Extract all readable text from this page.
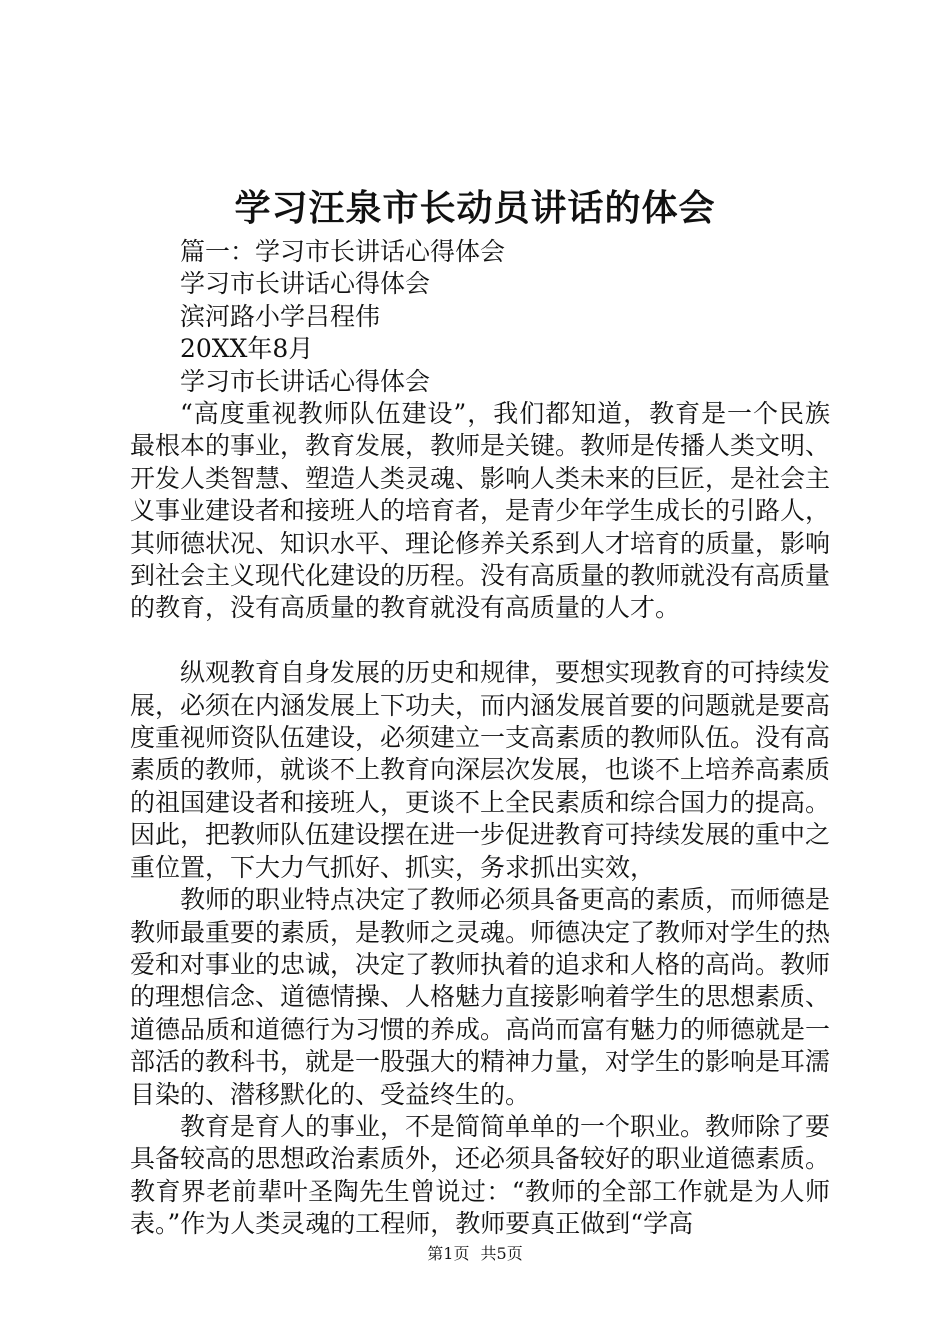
学习汪泉市长动员讲话的体会

篇一：学习市长讲话心得体会

学习市长讲话心得体会

滨河路小学吕程伟

20XX年8月

学习市长讲话心得体会

“高度重视教师队伍建设”，我们都知道，教育是一个民族最根本的事业，教育发展，教师是关键。教师是传播人类文明、开发人类智慧、塑造人类灵魂、影响人类未来的巨匠，是社会主义事业建设者和接班人的培育者，是青少年学生成长的引路人，其师德状况、知识水平、理论修养关系到人才培育的质量，影响到社会主义现代化建设的历程。没有高质量的教师就没有高质量的教育，没有高质量的教育就没有高质量的人才。

纵观教育自身发展的历史和规律，要想实现教育的可持续发展，必须在内涵发展上下功夫，而内涵发展首要的问题就是要高度重视师资队伍建设，必须建立一支高素质的教师队伍。没有高素质的教师，就谈不上教育向深层次发展，也谈不上培养高素质的祖国建设者和接班人，更谈不上全民素质和综合国力的提高。因此，把教师队伍建设摆在进一步促进教育可持续发展的重中之重位置，下大力气抓好、抓实，务求抓出实效，

教师的职业特点决定了教师必须具备更高的素质，而师德是教师最重要的素质，是教师之灵魂。师德决定了教师对学生的热爱和对事业的忠诚，决定了教师执着的追求和人格的高尚。教师的理想信念、道德情操、人格魅力直接影响着学生的思想素质、道德品质和道德行为习惯的养成。高尚而富有魅力的师德就是一部活的教科书，就是一股强大的精神力量，对学生的影响是耳濡目染的、潜移默化的、受益终生的。

教育是育人的事业，不是简简单单的一个职业。教师除了要具备较高的思想政治素质外，还必须具备较好的职业道德素质。教育界老前辈叶圣陶先生曾说过：“教师的全部工作就是为人师表。”作为人类灵魂的工程师，教师要真正做到“学高

第1页 共5页
